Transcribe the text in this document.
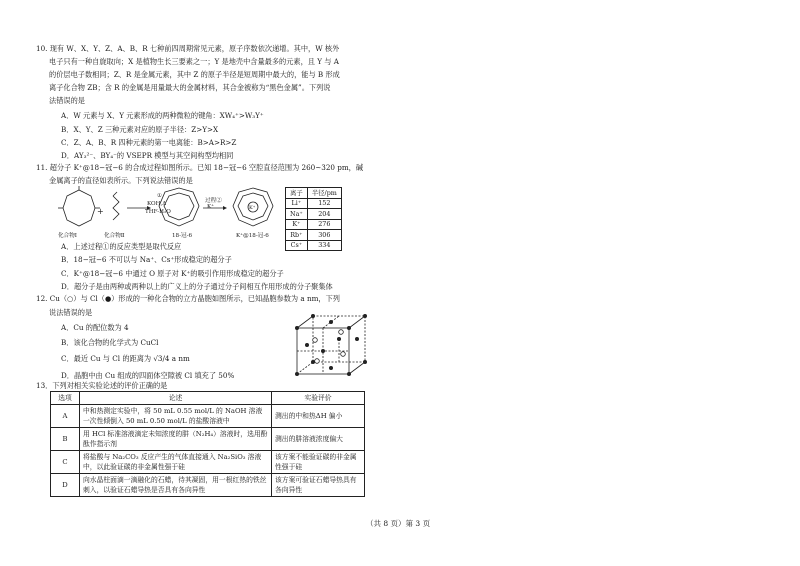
10. 现有 W、X、Y、Z、A、B、R 七种前四周期常见元素，原子序数依次递增。其中，W 核外
电子只有一种自旋取向；X 是植物生长三要素之一；Y 是地壳中含量最多的元素，且 Y 与 A
的价层电子数相同；Z、R 是金属元素，其中 Z 的原子半径是短周期中最大的，能与 B 形成
离子化合物 ZB；含 R 的金属是用量最大的金属材料，其合金被称为“黑色金属”。下列说
法错误的是
A．W 元素与 X、Y 元素形成的两种微粒的键角：XW₄⁺>W₃Y⁺
B．X、Y、Z 三种元素对应的原子半径：Z>Y>X
C．Z、A、B、R 四种元素的第一电离能：B>A>R>Z
D．AY₃²⁻、BY₄⁻的 VSEPR 模型与其空间构型均相同
11. 超分子 K⁺@18−冠−6 的合成过程如图所示。已知 18−冠−6 空腔直径范围为 260~320 pm，碱
金属离子的直径如表所示。下列说法错误的是
+
①
KOH,Δ
THF-H₂O
过程②
K⁺	K⁺
化合物Ⅰ	化合物Ⅱ	18-冠-6	K⁺@18-冠-6
离子	半径/pm
Li⁺	152
Na⁺	204
K⁺	276
Rb⁺	306
Cs⁺	334
A．上述过程①的反应类型是取代反应
B．18−冠−6 不可以与 Na⁺、Cs⁺形成稳定的超分子
C．K⁺@18−冠−6 中通过 O 原子对 K⁺的吸引作用形成稳定的超分子
D．超分子是由两种或两种以上的广义上的分子通过分子间相互作用形成的分子聚集体
12. Cu（○）与 Cl（●）形成的一种化合物的立方晶胞如图所示，已知晶胞参数为 a nm，下列
说法错误的是
A．Cu 的配位数为 4
B．该化合物的化学式为 CuCl
C．最近 Cu 与 Cl 的距离为 √3/4 a nm
D．晶胞中由 Cu 组成的四面体空隙被 Cl 填充了 50%
13．下列对相关实验论述的评价正确的是
选项	论述	实验评价
A	中和热测定实验中，将 50 mL 0.55 mol/L 的 NaOH 溶液一次性倾倒入 50 mL 0.50 mol/L 的盐酸溶液中	测出的中和热ΔH 偏小
B	用 HCl 标准溶液滴定未知浓度的肼（N₂H₄）溶液时，选用酚酞作指示剂	测出的肼溶液浓度偏大
C	将盐酸与 Na₂CO₃ 反应产生的气体直接通入 Na₂SiO₃ 溶液中，以此验证碳的非金属性强于硅	该方案不能验证碳的非金属性强于硅
D	向水晶柱面滴一滴融化的石蜡，待其凝固，用一根红热的铁丝刺入，以验证石蜡导热是否具有各向异性	该方案可验证石蜡导热具有各向异性
（共 8 页）第 3 页
